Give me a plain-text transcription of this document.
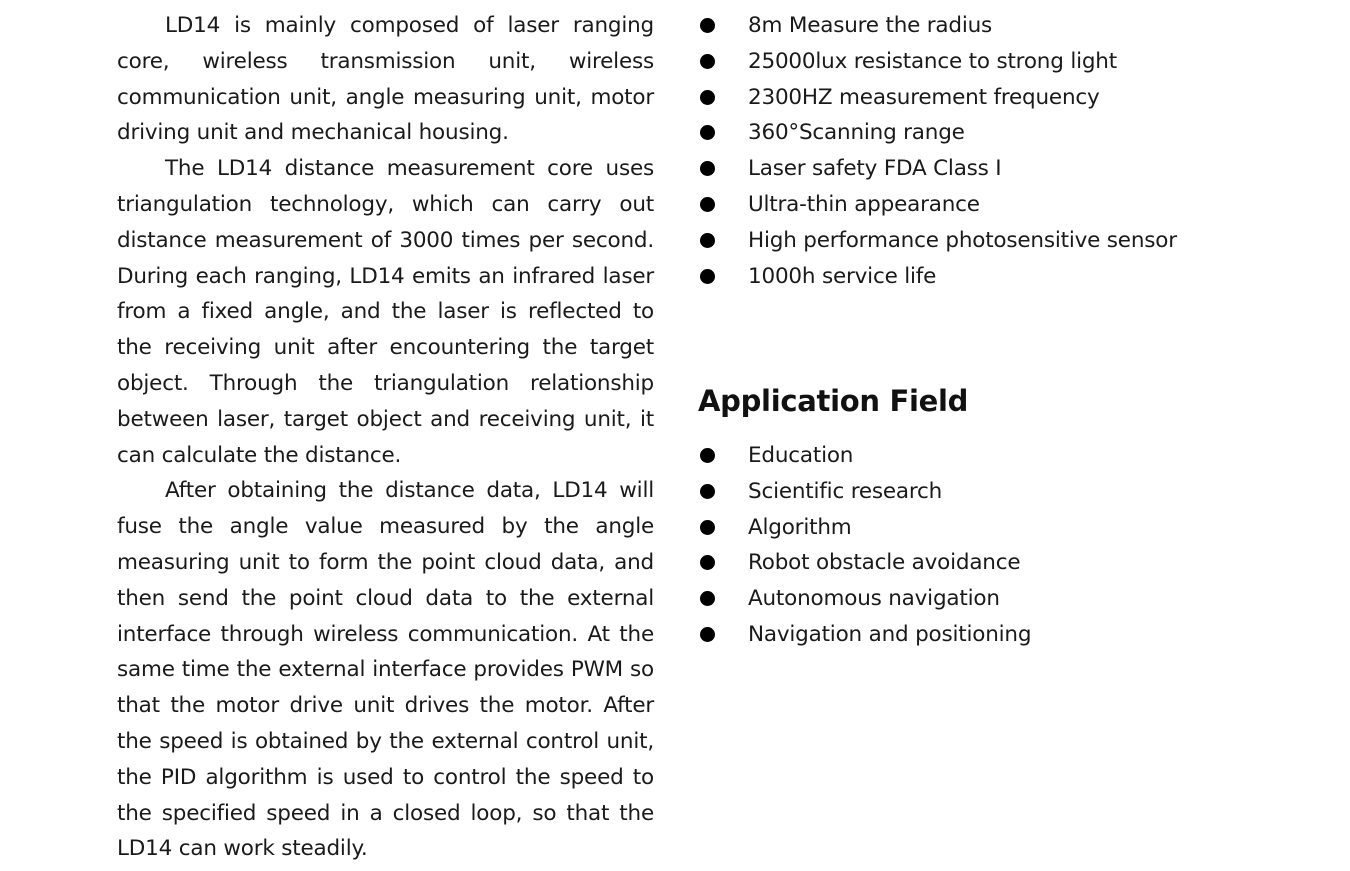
LD14 is mainly composed of laser ranging core, wireless transmission unit, wireless communication unit, angle measuring unit, motor driving unit and mechanical housing.

The LD14 distance measurement core uses triangulation technology, which can carry out distance measurement of 3000 times per second. During each ranging, LD14 emits an infrared laser from a fixed angle, and the laser is reflected to the receiving unit after encountering the target object. Through the triangulation relationship between laser, target object and receiving unit, it can calculate the distance.

After obtaining the distance data, LD14 will fuse the angle value measured by the angle measuring unit to form the point cloud data, and then send the point cloud data to the external interface through wireless communication. At the same time the external interface provides PWM so that the motor drive unit drives the motor. After the speed is obtained by the external control unit, the PID algorithm is used to control the speed to the specified speed in a closed loop, so that the LD14 can work steadily.

8m Measure the radius
25000lux resistance to strong light
2300HZ measurement frequency
360°Scanning range
Laser safety FDA Class I
Ultra-thin appearance
High performance photosensitive sensor
1000h service life
Application Field
Education
Scientific research
Algorithm
Robot obstacle avoidance
Autonomous navigation
Navigation and positioning
